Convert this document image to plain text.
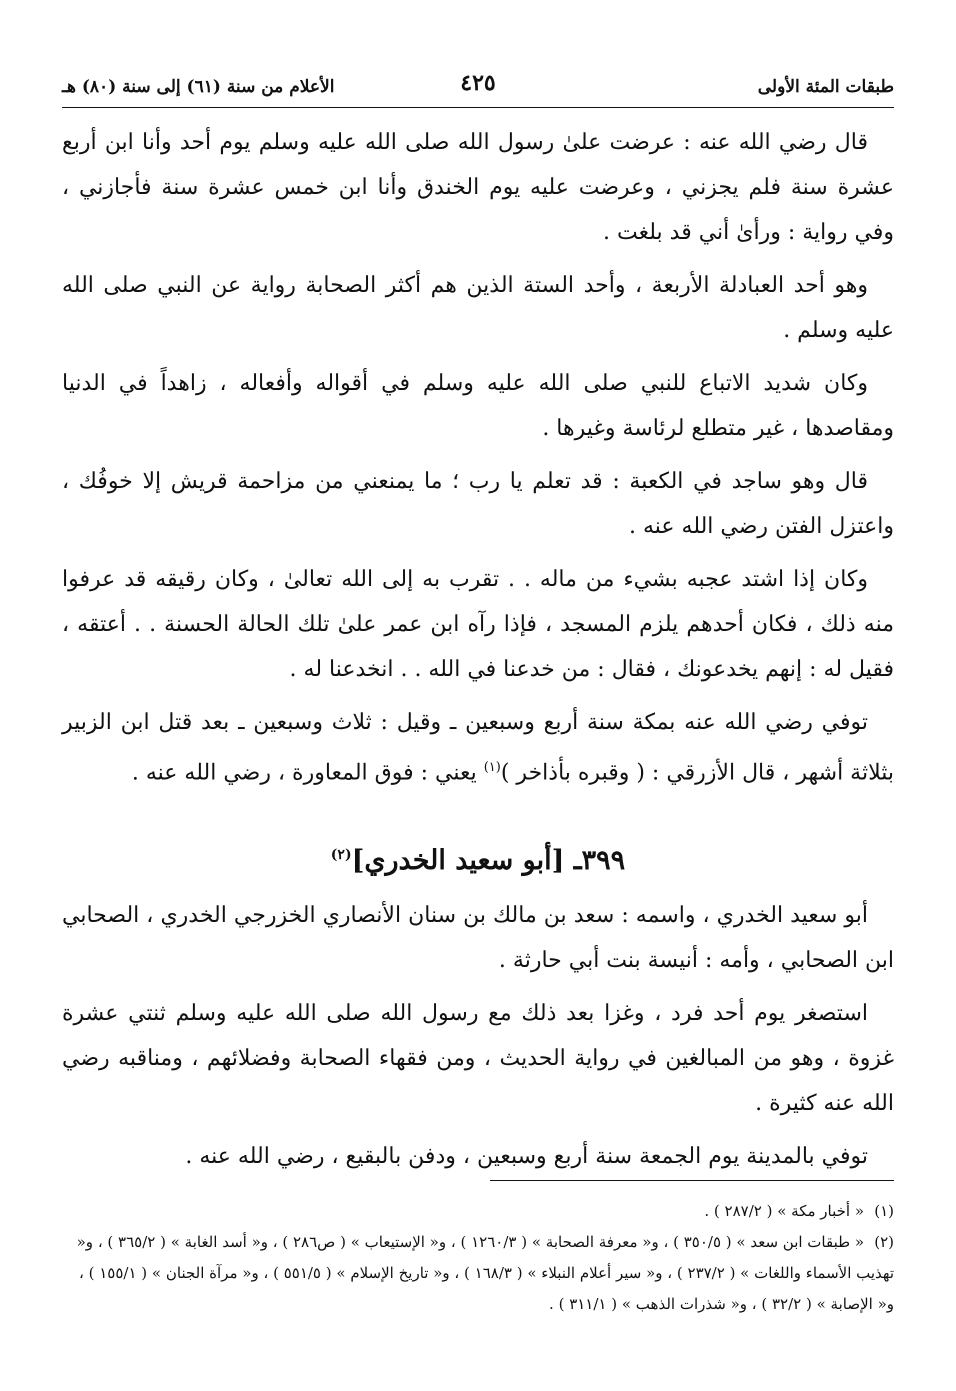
طبقات المئة الأولى
٤٢٥
الأعلام من سنة (٦١) إلى سنة (٨٠) هـ

قال رضي الله عنه : عرضت علىٰ رسول الله صلى الله عليه وسلم يوم أحد وأنا ابن أربع عشرة سنة فلم يجزني ، وعرضت عليه يوم الخندق وأنا ابن خمس عشرة سنة فأجازني ، وفي رواية : ورأىٰ أني قد بلغت .

وهو أحد العبادلة الأربعة ، وأحد الستة الذين هم أكثر الصحابة رواية عن النبي صلى الله عليه وسلم .

وكان شديد الاتباع للنبي صلى الله عليه وسلم في أقواله وأفعاله ، زاهداً في الدنيا ومقاصدها ، غير متطلع لرئاسة وغيرها .

قال وهو ساجد في الكعبة : قد تعلم يا رب ؛ ما يمنعني من مزاحمة قريش إلا خوفُك ، واعتزل الفتن رضي الله عنه .

وكان إذا اشتد عجبه بشيء من ماله . . تقرب به إلى الله تعالىٰ ، وكان رقيقه قد عرفوا منه ذلك ، فكان أحدهم يلزم المسجد ، فإذا رآه ابن عمر علىٰ تلك الحالة الحسنة . . أعتقه ، فقيل له : إنهم يخدعونك ، فقال : من خدعنا في الله . . انخدعنا له .

توفي رضي الله عنه بمكة سنة أربع وسبعين ـ وقيل : ثلاث وسبعين ـ بعد قتل ابن الزبير بثلاثة أشهر ، قال الأزرقي : ( وقبره بأذاخر )$^{(١)}$ يعني : فوق المعاورة ، رضي الله عنه .

٣٩٩ـ [أبو سعيد الخدري]$^{(٢)}$

أبو سعيد الخدري ، واسمه : سعد بن مالك بن سنان الأنصاري الخزرجي الخدري ، الصحابي ابن الصحابي ، وأمه : أنيسة بنت أبي حارثة .

استصغر يوم أحد فرد ، وغزا بعد ذلك مع رسول الله صلى الله عليه وسلم ثنتي عشرة غزوة ، وهو من المبالغين في رواية الحديث ، ومن فقهاء الصحابة وفضلائهم ، ومناقبه رضي الله عنه كثيرة .

توفي بالمدينة يوم الجمعة سنة أربع وسبعين ، ودفن بالبقيع ، رضي الله عنه .

(١)« أخبار مكة » ( ٢٨٧/٢ ) .

(٢)« طبقات ابن سعد » ( ٣٥٠/٥ ) ، و« معرفة الصحابة » ( ١٢٦٠/٣ ) ، و« الإستيعاب » ( ص٢٨٦ ) ، و« أسد الغابة » ( ٣٦٥/٢ ) ، و« تهذيب الأسماء واللغات » ( ٢٣٧/٢ ) ، و« سير أعلام النبلاء » ( ١٦٨/٣ ) ، و« تاريخ الإسلام » ( ٥٥١/٥ ) ، و« مرآة الجنان » ( ١٥٥/١ ) ، و« الإصابة » ( ٣٢/٢ ) ، و« شذرات الذهب » ( ٣١١/١ ) .
